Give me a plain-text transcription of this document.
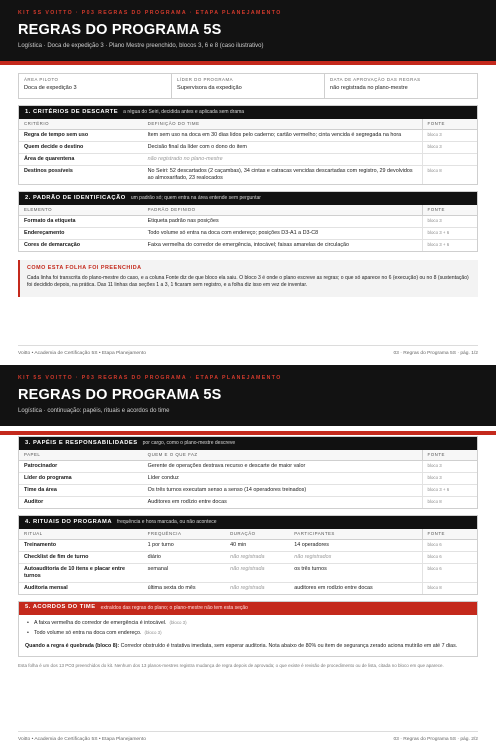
KIT 5S VOITTO · P03 REGRAS DO PROGRAMA · ETAPA PLANEJAMENTO
REGRAS DO PROGRAMA 5S
Logística · Doca de expedição 3 · Plano Mestre preenchido, blocos 3, 6 e 8 (caso ilustrativo)
ÁREA PILOTO
Doca de expedição 3
LÍDER DO PROGRAMA
Supervisora da expedição
DATA DE APROVAÇÃO DAS REGRAS
não registrada no plano-mestre
1. CRITÉRIOS DE DESCARTE a régua do Seiri, decidida antes e aplicada sem drama
CRITÉRIO	DEFINIÇÃO DO TIME	FONTE
Regra de tempo sem uso	Item sem uso na doca em 30 dias lidos pelo caderno; cartão vermelho; cinta vencida é segregada na hora	bloco 3
Quem decide o destino	Decisão final da líder com o dono do item	bloco 3
Área de quarentena	não registrado no plano-mestre	
Destinos possíveis	No Seiri: 52 descartados (2 caçambas), 34 cintas e catracas vencidas descartadas com registro, 29 devolvidos ao almoxarifado, 23 realocados	bloco 8
2. PADRÃO DE IDENTIFICAÇÃO um padrão só; quem entra na área entende sem perguntar
ELEMENTO	PADRÃO DEFINIDO	FONTE
Formato da etiqueta	Etiqueta padrão nas posições	bloco 3
Endereçamento	Todo volume só entra na doca com endereço; posições D3-A1 a D3-C8	bloco 3 + 6
Cores de demarcação	Faixa vermelha do corredor de emergência, intocável; faixas amarelas de circulação	bloco 3 + 6
COMO ESTA FOLHA FOI PREENCHIDA
Cada linha foi transcrita do plano-mestre do caso, e a coluna Fonte diz de que bloco ela saiu. O bloco 3 é onde o plano escreve as regras; o que só aparece no 6 (execução) ou no 8 (sustentação) foi decidido depois, na prática. Das 11 linhas das seções 1 a 3, 1 ficaram sem registro, e a folha diz isso em vez de inventar.
Voitto • Academia de Certificação 5S • Etapa Planejamento	03 · Regras do Programa 5S · pág. 1/2
KIT 5S VOITTO · P03 REGRAS DO PROGRAMA · ETAPA PLANEJAMENTO
REGRAS DO PROGRAMA 5S
Logística · continuação: papéis, rituais e acordos do time
3. PAPÉIS E RESPONSABILIDADES por cargo, como o plano-mestre descreve
PAPEL	QUEM E O QUE FAZ	FONTE
Patrocinador	Gerente de operações destrava recurso e descarte de maior valor	bloco 3
Líder do programa	Líder conduz	bloco 3
Time da área	Os três turnos executam senso a senso (14 operadores treinados)	bloco 3 + 6
Auditor	Auditores em rodízio entre docas	bloco 8
4. RITUAIS DO PROGRAMA frequência e hora marcada, ou não acontece
RITUAL	FREQUÊNCIA	DURAÇÃO	PARTICIPANTES	FONTE
Treinamento	1 por turno	40 min	14 operadores	bloco 6
Checklist de fim de turno	diário	não registrada	não registrados	bloco 6
Autoauditoria de 10 itens e placar entre turnos	semanal	não registrada	os três turnos	bloco 6
Auditoria mensal	última sexta do mês	não registrada	auditores em rodízio entre docas	bloco 8
5. ACORDOS DO TIME extraídos das regras do plano; o plano-mestre não tem esta seção
• A faixa vermelha do corredor de emergência é intocável. (bloco 3)
• Todo volume só entra na doca com endereço. (bloco 3)
Quando a regra é quebrada (bloco 8): Corredor obstruído é tratativa imediata, sem esperar auditoria. Nota abaixo de 80% ou item de segurança zerado aciona mutirão em até 7 dias.
Esta folha é um dos 13 PO3 preenchidos do kit. Nenhum dos 13 planos-mestres registra mudança de regra depois de aprovada; o que existe é revisão de procedimento ou de lista, citada no bloco em que aparece.
Voitto • Academia de Certificação 5S • Etapa Planejamento	03 · Regras do Programa 5S · pág. 2/2
